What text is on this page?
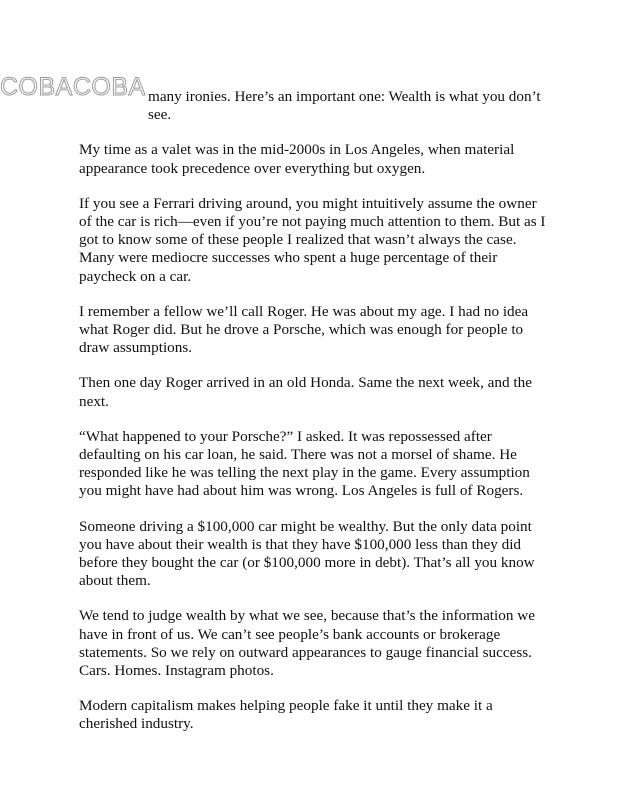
COBACOBA many ironies. Here’s an important one: Wealth is what you don’t see.

My time as a valet was in the mid-2000s in Los Angeles, when material appearance took precedence over everything but oxygen.

If you see a Ferrari driving around, you might intuitively assume the owner of the car is rich—even if you’re not paying much attention to them. But as I got to know some of these people I realized that wasn’t always the case. Many were mediocre successes who spent a huge percentage of their paycheck on a car.

I remember a fellow we’ll call Roger. He was about my age. I had no idea what Roger did. But he drove a Porsche, which was enough for people to draw assumptions.

Then one day Roger arrived in an old Honda. Same the next week, and the next.

“What happened to your Porsche?” I asked. It was repossessed after defaulting on his car loan, he said. There was not a morsel of shame. He responded like he was telling the next play in the game. Every assumption you might have had about him was wrong. Los Angeles is full of Rogers.

Someone driving a $100,000 car might be wealthy. But the only data point you have about their wealth is that they have $100,000 less than they did before they bought the car (or $100,000 more in debt). That’s all you know about them.

We tend to judge wealth by what we see, because that’s the information we have in front of us. We can’t see people’s bank accounts or brokerage statements. So we rely on outward appearances to gauge financial success. Cars. Homes. Instagram photos.

Modern capitalism makes helping people fake it until they make it a cherished industry.
